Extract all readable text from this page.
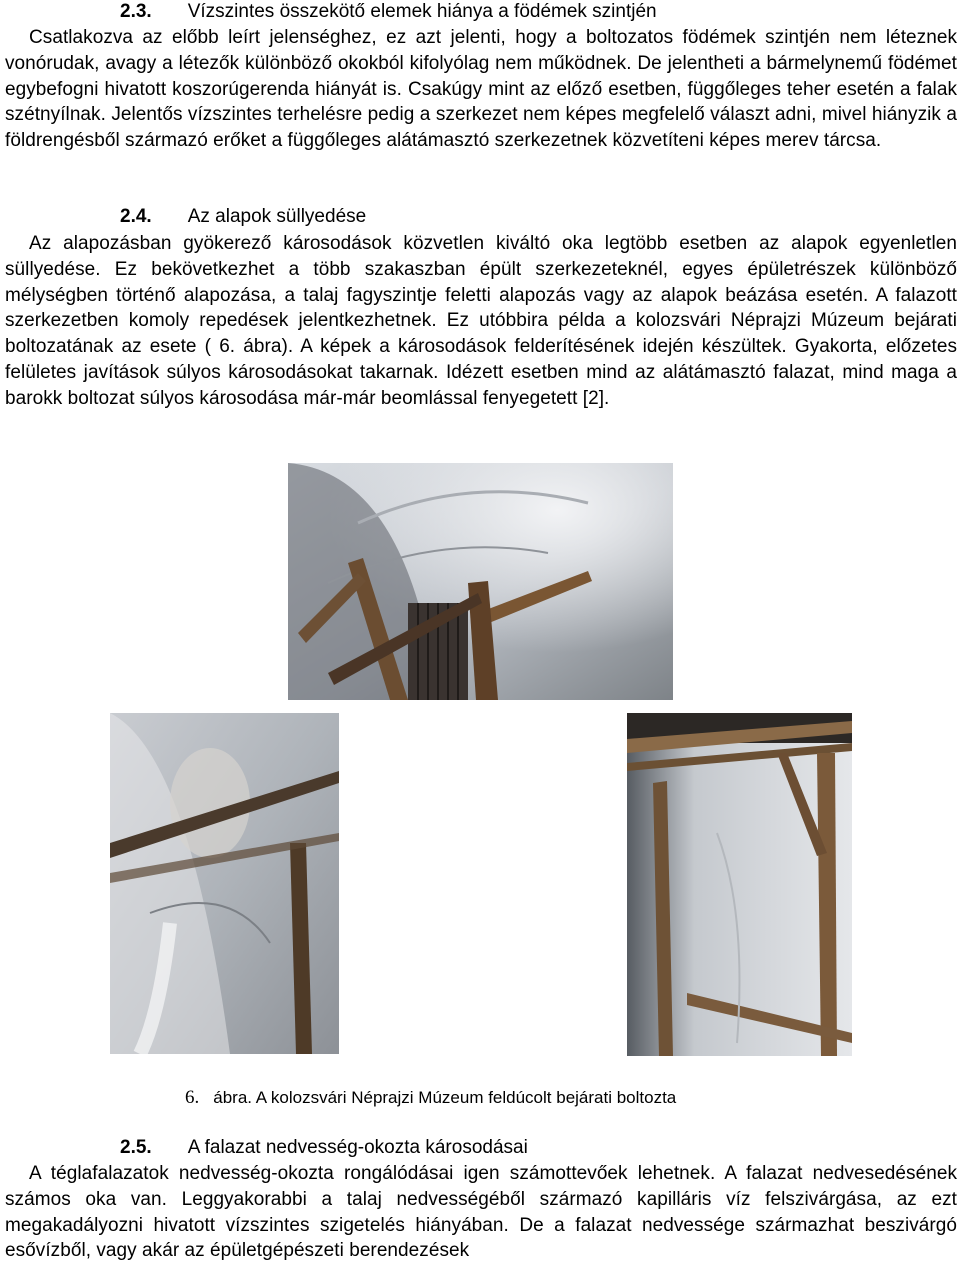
2.3. Vízszintes összekötő elemek hiánya a födémek szintjén

Csatlakozva az előbb leírt jelenséghez, ez azt jelenti, hogy a boltozatos födémek szintjén nem léteznek vonórudak, avagy a létezők különböző okokból kifolyólag nem működnek. De jelentheti a bármelynemű födémet egybefogni hivatott koszorúgerenda hiányát is. Csakúgy mint az előző esetben, függőleges teher esetén a falak szétnyílnak. Jelentős vízszintes terhelésre pedig a szerkezet nem képes megfelelő választ adni, mivel hiányzik a földrengésből származó erőket a függőleges alátámasztó szerkezetnek közvetíteni képes merev tárcsa.

2.4. Az alapok süllyedése

Az alapozásban gyökerező károsodások közvetlen kiváltó oka legtöbb esetben az alapok egyenletlen süllyedése. Ez bekövetkezhet a több szakaszban épült szerkezeteknél, egyes épületrészek különböző mélységben történő alapozása, a talaj fagyszintje feletti alapozás vagy az alapok beázása esetén. A falazott szerkezetben komoly repedések jelentkezhetnek. Ez utóbbira példa a kolozsvári Néprajzi Múzeum bejárati boltozatának az esete ( 6. ábra). A képek a károsodások felderítésének idején készültek. Gyakorta, előzetes felületes javítások súlyos károsodásokat takarnak. Idézett esetben mind az alátámasztó falazat, mind maga a barokk boltozat súlyos károsodása már-már beomlással fenyegetett [2].

6. ábra. A kolozsvári Néprajzi Múzeum feldúcolt bejárati boltozta
2.5. A falazat nedvesség-okozta károsodásai

A téglafalazatok nedvesség-okozta rongálódásai igen számottevőek lehetnek. A falazat nedvesedésének számos oka van. Leggyakorabbi a talaj nedvességéből származó kapilláris víz felszivárgása, az ezt megakadályozni hivatott vízszintes szigetelés hiányában. De a falazat nedvessége származhat beszivárgó esővízből, vagy akár az épületgépészeti berendezések
